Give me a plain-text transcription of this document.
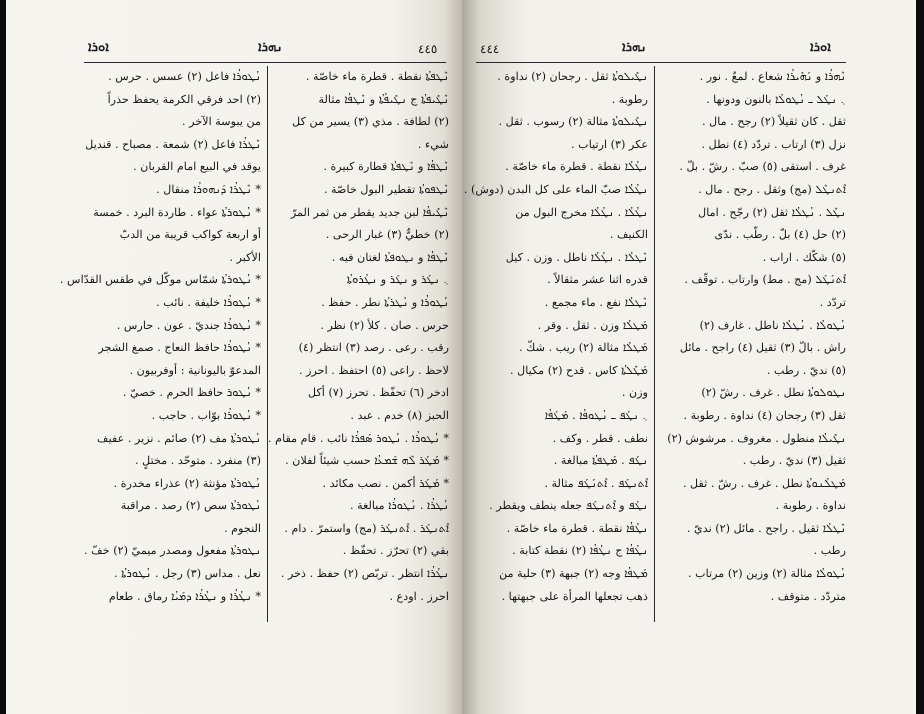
ܐܘܪܐ	ܢܗܪܐ	٤٤٥
ܢܶܛܦܬܳܐ نقطة . قطرة ماء خاصّة .
ܢܶܛܺܝܦܬܳܐ ج ܢܛܺܝܦܳܬܳܐ و ܢܶܛܦܳܐ مثالة
(٢) لطافة . مذي (٣) يسير من كل
شيء .
ܢܶܛܦܳܐ و ܢܶܛܦܬܳܐ قطارة كبيرة .
ܢܶܛܦܘܬܳܐ تقطير البول خاصّة .
ܢܶܛܺܝܦܳܐ لبن جديد يقطر من ثمر المرّ
(٢) خطيٌّ (٣) غبار الرحى .
ܢܶܛܦܳܐ و ܢܛܘܦܬܳܐ لغتان فيه .
܆ ܢܛܰܪ و ܢܛܰܪ و ܢܛܳܪܘܬܳܐ
ܢܳܛܘܪܳܐ و ܢܳܛܪܬܳܐ نطر . حفظ .
حرس . صان . كلأ (٢) نظر .
رقب . رعى . رصد (٣) انتظر (٤)
لاحظ . راعى (٥) احتفظ . احرز .
ادخر (٦) تحفّظ . تحرز (٧) أكل
الحبز (٨) خدم . عبد .
* ܢܳܛܘܪܳܐ . ܢܳܛܘܪ ܣܰܦܪܳܐ نائب . قام مقام .
* ܡܰܛܰܪ ܠܶܗ ܫܰܡܥܳܐ حسب شيئاً لفلان .
* ܡܰܛܰܪ أكمن . نصب مكائد .
ܢܳܛܪܳܐ . ܢܳܛܘܪܳܐ مبالغة .
ܐܶܬܢܛܰܪ . ܐܶܬܢܛܰܪ (مج) واستمرّ . دام .
بقي (٢) تحرّز . تحفّظ .
ܢܛܳܪܳܐ انتظر . تربّص (٢) حفظ . ذخر .
احرز . اودع .
ܢܳܛܘܪܳܐ فاعل (٢) عسس . حرس .
(٢) احد فرقي الكرمة يحفظ حذراً
من يبوسة الآخر .
ܢܶܛܪܳܐ فاعل (٢) شمعة . مصباح . قنديل
يوقد في البيع امام القربان .
* ܢܶܛܪܳܐ ܕܰܢܗܘܪܳܐ منقال .
* ܢܳܛܘܪܬܳܐ عواء . طاردة البرد . خمسة
أو اربعة كواكب قريبة من الدبّ
الأكبر .
* ܢܳܛܘܪܬܳܐ شمّاس موكّل في طقس القدّاس .
* ܢܳܛܘܪܳܐ خليفة . نائب .
* ܢܳܛܘܪܳܐ جنديّ . عون . حارس .
* ܢܳܛܘܪܳܐ حافظ النعاج . صمغ الشجر
المدعوّ باليونانية : أوفربيون .
* ܢܳܛܘܪ حافظ الحرم . خصيّ .
* ܢܳܛܘܪܳܐ بوّاب . حاجب .
ܢܳܛܘܪܬܳܐ مف (٢) صائم . نزير . عفيف
(٣) منفرد . متوحّد . مختلٍ .
ܢܳܛܘܪܬܳܐ مؤنثة (٢) عذراء مخدرة .
ܢܳܛܘܪܬܳܐ سص (٢) رصد . مراقبة
النجوم .
ܢܛܘܪܬܳܐ مفعول ومصدر ميميّ (٢) خفّ .
نعل . مداس (٣) رجل . ܢܳܛܘܪܬܳܐ .
* ܢܛܳܪܳܐ و ܢܛܳܪܳܐ ܕܡܰܝܳܐ رماق . طعام
٤٤٤	ܢܗܪܐ	ܐܘܪܐ
ܢܶܗܪܳܐ و ܢܰܗܺܝܪܳܐ شعاع . لمعٌ . نور .
܆ ܢܛܰܠ ـ ܢܳܛܘܠܳܐ بالنون ودونها .
ثقل . كان ثقيلاً (٢) رجح . مال .
نزل (٣) ارتاب . تردّد (٤) نطل .
غرف . استقى (٥) صبّ . رشّ . بلّ .
ܐܶܬܢܛܶܠ (مج) وثقل . رجح . مال .
ܢܛܶܠ . ܢܳܛܠܳܐ ثقل (٢) رجّح . امال
(٢) حل (٤) بلّ . رطّب . ندّى
(٥) شكّك . اراب .
ܐܶܬܢܰܛܰܠ (مج . مط) وارتاب . توقّف .
تردّد .
ܢܳܛܘܠܳܐ . ܢܳܛܠܳܐ ناطل . غارف (٢)
راش . بالّ (٣) ثقيل (٤) راجح . مائل
(٥) نديّ . رطب .
ܢܛܘܠܘܬܳܐ نطل . غرف . رشّ (٢)
ثقل (٣) رجحان (٤) نداوة . رطوبة .
ܢܛܺܝܠܳܐ منطول . مغروف . مرشوش (٢)
ثقيل (٣) نديّ . رطب .
ܡܰܛܠܳܢܘܬܳܐ نطل . غرف . رشّ . ثقل .
نداوة . رطوبة .
ܢܶܛܠܳܐ ثقيل . راجح . مائل (٢) نديّ .
رطب .
ܢܳܛܘܠܳܐ مثالة (٢) وزين (٢) مرتاب .
متردّد . متوقف .
ܢܛܺܝܠܘܬܳܐ ثقل . رجحان (٢) نداوة .
رطوبة .
ܢܛܺܝܠܘܬܳܐ مثالة (٢) رسوب . ثقل .
عكر (٣) ارتياب .
ܢܛܳܠܳܐ نقطة . قطرة ماء خاصّة .
ܢܛܳܠܳܐ صبّ الماء على كل البدن (دوش) .
ܢܛܳܠܳܐ . ܢܛܳܠܳܐ مخرج البول من
الكنيف .
ܢܶܛܠܳܐ . ܢܛܳܠܳܐ ناطل . وزن . كيل
قدره اثنا عشر مثقالاً .
ܢܶܛܠܳܐ نفع . ماء مجمع .
ܡܰܛܠܳܐ وزن . ثقل . وقر .
ܡܰܛܠܳܐ مثالة (٢) ريب . شكّ .
ܡܰܛܶܠܬܳܐ كاس . قدح (٢) مكيال .
وزن .
܆ ܢܛܰܦ ـ ܢܳܛܘܦܳܐ . ܡܰܛܰܦܳܐ
نطف . قطر . وكف .
ܢܛܰܦ . ܡܰܛܦܬܳܐ مبالغة .
ܐܶܬܢܛܰܦ . ܐܶܬܢܰܛܰܦ مثالة .
ܢܛܰܦ و ܐܶܬܢܛܰܦ جعله ينطف ويقطر .
ܢܛܳܦܳܐ نقطة . قطرة ماء خاصّة .
ܢܛܳܦܳܐ ج ܢܛܳܦܳܐ (٢) نقطة كتابة .
ܡܰܛܦܳܐ وجه (٢) جبهة (٣) حلية من
ذهب تجعلها المرأة على جبهتها .
